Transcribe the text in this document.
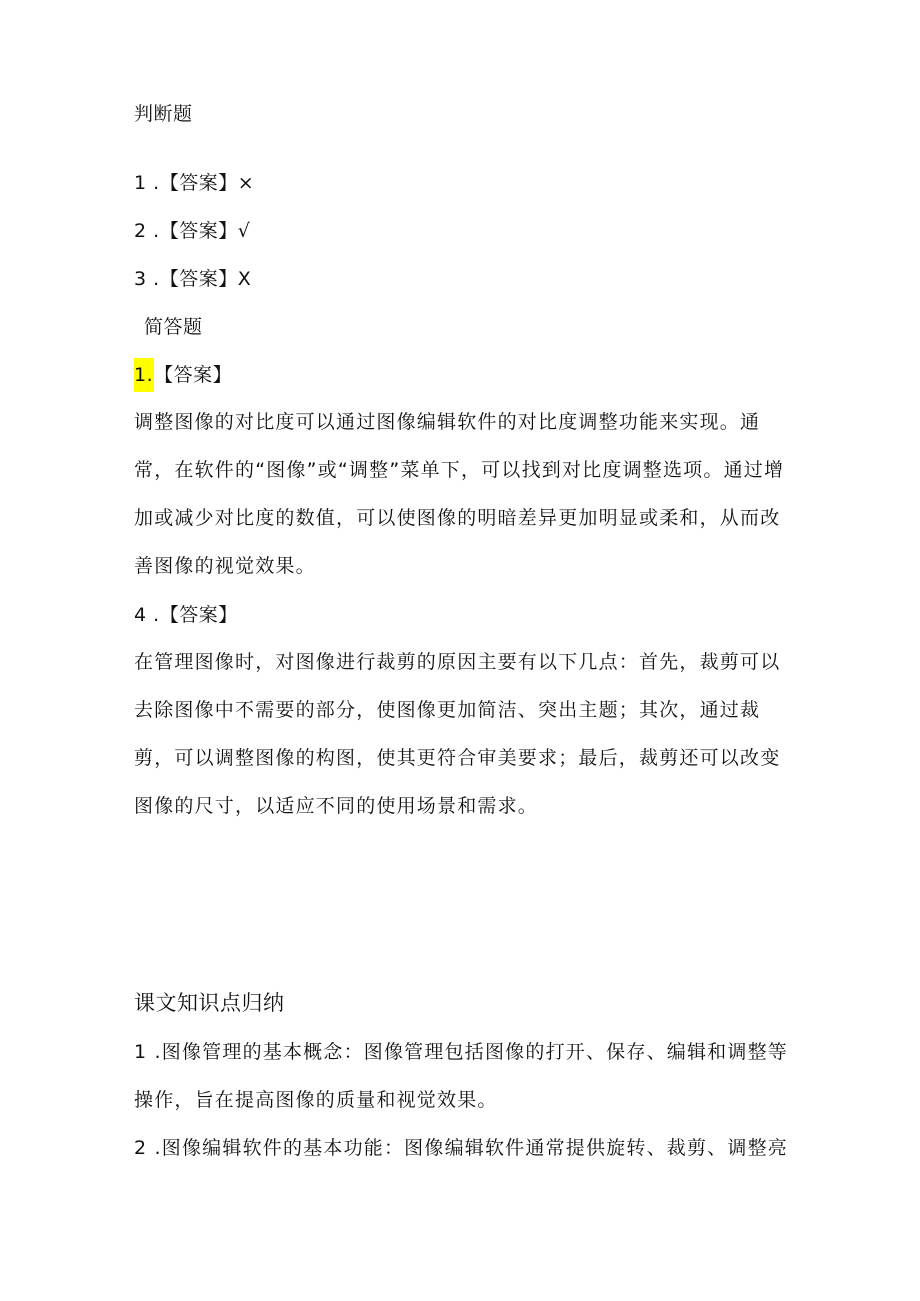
判断题
1 .【答案】×
2 .【答案】√
3 .【答案】X
简答题
1.【答案】
调整图像的对比度可以通过图像编辑软件的对比度调整功能来实现。通常，在软件的“图像”或“调整”菜单下，可以找到对比度调整选项。通过增加或减少对比度的数值，可以使图像的明暗差异更加明显或柔和，从而改善图像的视觉效果。
4 .【答案】
在管理图像时，对图像进行裁剪的原因主要有以下几点：首先，裁剪可以去除图像中不需要的部分，使图像更加简洁、突出主题；其次，通过裁剪，可以调整图像的构图，使其更符合审美要求；最后，裁剪还可以改变图像的尺寸，以适应不同的使用场景和需求。
课文知识点归纳
1 .图像管理的基本概念：图像管理包括图像的打开、保存、编辑和调整等操作，旨在提高图像的质量和视觉效果。
2 .图像编辑软件的基本功能：图像编辑软件通常提供旋转、裁剪、调整亮
